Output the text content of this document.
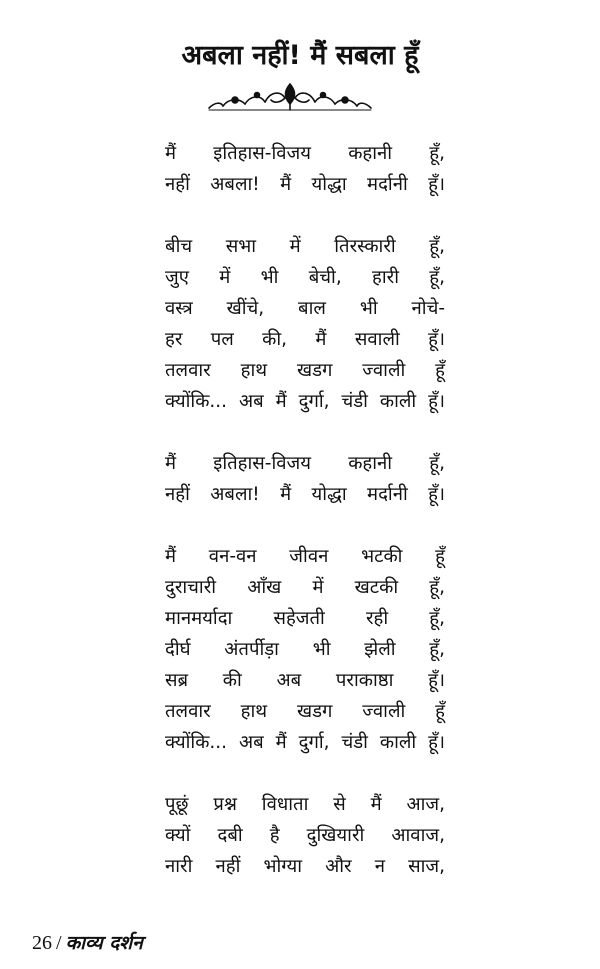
अबला नहीं! मैं सबला हूँ
मैं इतिहास-विजय कहानी हूँ,
नहीं अबला! मैं योद्धा मर्दानी हूँ।
बीच सभा में तिरस्कारी हूँ,
जुए में भी बेची, हारी हूँ,
वस्त्र खींचे, बाल भी नोचे-
हर पल की, मैं सवाली हूँ।
तलवार हाथ खडग ज्वाली हूँ
क्योंकि... अब मैं दुर्गा, चंडी काली हूँ।
मैं इतिहास-विजय कहानी हूँ,
नहीं अबला! मैं योद्धा मर्दानी हूँ।
मैं वन-वन जीवन भटकी हूँ
दुराचारी आँख में खटकी हूँ,
मानमर्यादा सहेजती रही हूँ,
दीर्घ अंतर्पीड़ा भी झेली हूँ,
सब्र की अब पराकाष्ठा हूँ।
तलवार हाथ खडग ज्वाली हूँ
क्योंकि... अब मैं दुर्गा, चंडी काली हूँ।
पूछूं प्रश्न विधाता से मैं आज,
क्यों दबी है दुखियारी आवाज,
नारी नहीं भोग्या और न साज,
26 / काव्य दर्शन
